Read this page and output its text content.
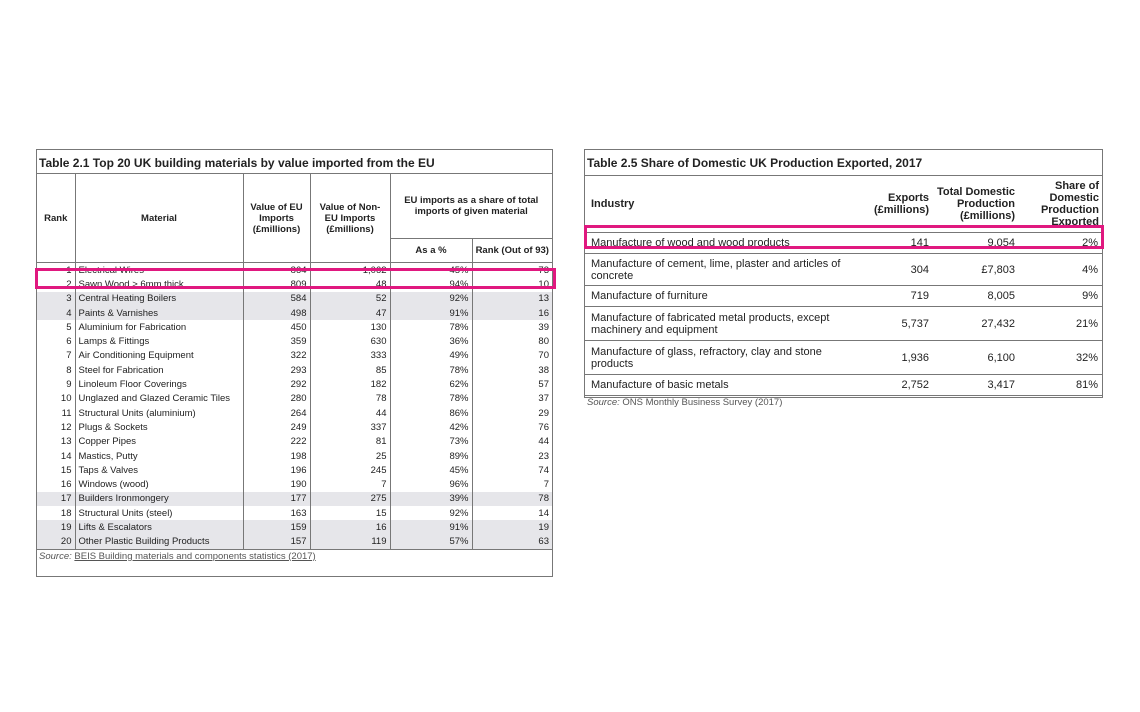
Table 2.1 Top 20 UK building materials by value imported from the EU
Rank	Material	Value of EU Imports (£millions)	Value of Non-EU Imports (£millions)	EU imports as a share of total imports of given material	
				As a %	Rank (Out of 93)
1	Electrical Wires	864	1,062	45%	73
2	Sawn Wood > 6mm thick	809	48	94%	10
3	Central Heating Boilers	584	52	92%	13
4	Paints & Varnishes	498	47	91%	16
5	Aluminium for Fabrication	450	130	78%	39
6	Lamps & Fittings	359	630	36%	80
7	Air Conditioning Equipment	322	333	49%	70
8	Steel for Fabrication	293	85	78%	38
9	Linoleum Floor Coverings	292	182	62%	57
10	Unglazed and Glazed Ceramic Tiles	280	78	78%	37
11	Structural Units (aluminium)	264	44	86%	29
12	Plugs & Sockets	249	337	42%	76
13	Copper Pipes	222	81	73%	44
14	Mastics, Putty	198	25	89%	23
15	Taps & Valves	196	245	45%	74
16	Windows (wood)	190	7	96%	7
17	Builders Ironmongery	177	275	39%	78
18	Structural Units (steel)	163	15	92%	14
19	Lifts & Escalators	159	16	91%	19
20	Other Plastic Building Products	157	119	57%	63
Source: BEIS Building materials and components statistics (2017)
Table 2.5 Share of Domestic UK Production Exported, 2017
Industry	Exports (£millions)	Total Domestic Production (£millions)	Share of Domestic Production Exported
Manufacture of wood and wood products	141	9,054	2%
Manufacture of cement, lime, plaster and articles of concrete	304	£7,803	4%
Manufacture of furniture	719	8,005	9%
Manufacture of fabricated metal products, except machinery and equipment	5,737	27,432	21%
Manufacture of glass, refractory, clay and stone products	1,936	6,100	32%
Manufacture of basic metals	2,752	3,417	81%
Source: ONS Monthly Business Survey (2017)
